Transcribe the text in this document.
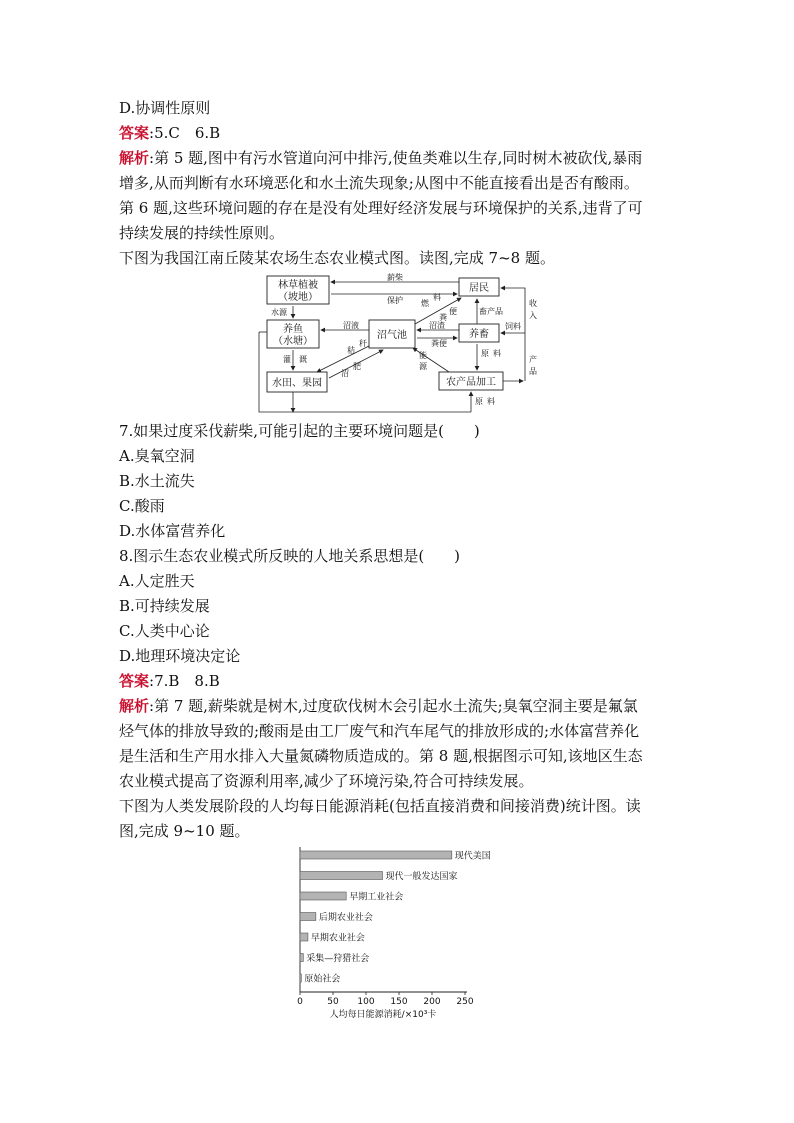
D.协调性原则
答案:5.C　6.B
解析:第 5 题,图中有污水管道向河中排污,使鱼类难以生存,同时树木被砍伐,暴雨
增多,从而判断有水环境恶化和水土流失现象;从图中不能直接看出是否有酸雨。
第 6 题,这些环境问题的存在是没有处理好经济发展与环境保护的关系,违背了可
持续发展的持续性原则。
下图为我国江南丘陵某农场生态农业模式图。读图,完成 7~8 题。
林草植被
（坡地）
居民
养鱼
（水塘）
沼气池	养畜
水田、果园	农产品加工
薪柴
保护
水源
燃
料
粪
便	畜产品
沼液	沼渣
收
入
饲料
灌 溉
秸
秆
沼
肥
粪便
能
源
原 料
产
品
原 料
7.如果过度采伐薪柴,可能引起的主要环境问题是(　　)
A.臭氧空洞
B.水土流失
C.酸雨
D.水体富营养化
8.图示生态农业模式所反映的人地关系思想是(　　)
A.人定胜天
B.可持续发展
C.人类中心论
D.地理环境决定论
答案:7.B　8.B
解析:第 7 题,薪柴就是树木,过度砍伐树木会引起水土流失;臭氧空洞主要是氟氯
烃气体的排放导致的;酸雨是由工厂废气和汽车尾气的排放形成的;水体富营养化
是生活和生产用水排入大量氮磷物质造成的。第 8 题,根据图示可知,该地区生态
农业模式提高了资源利用率,减少了环境污染,符合可持续发展。
下图为人类发展阶段的人均每日能源消耗(包括直接消费和间接消费)统计图。读
图,完成 9~10 题。
现代美国
现代一般发达国家
早期工业社会
后期农业社会
早期农业社会
采集—狩猎社会
原始社会
0	50 100 150 200 250
人均每日能源消耗/×10³卡
